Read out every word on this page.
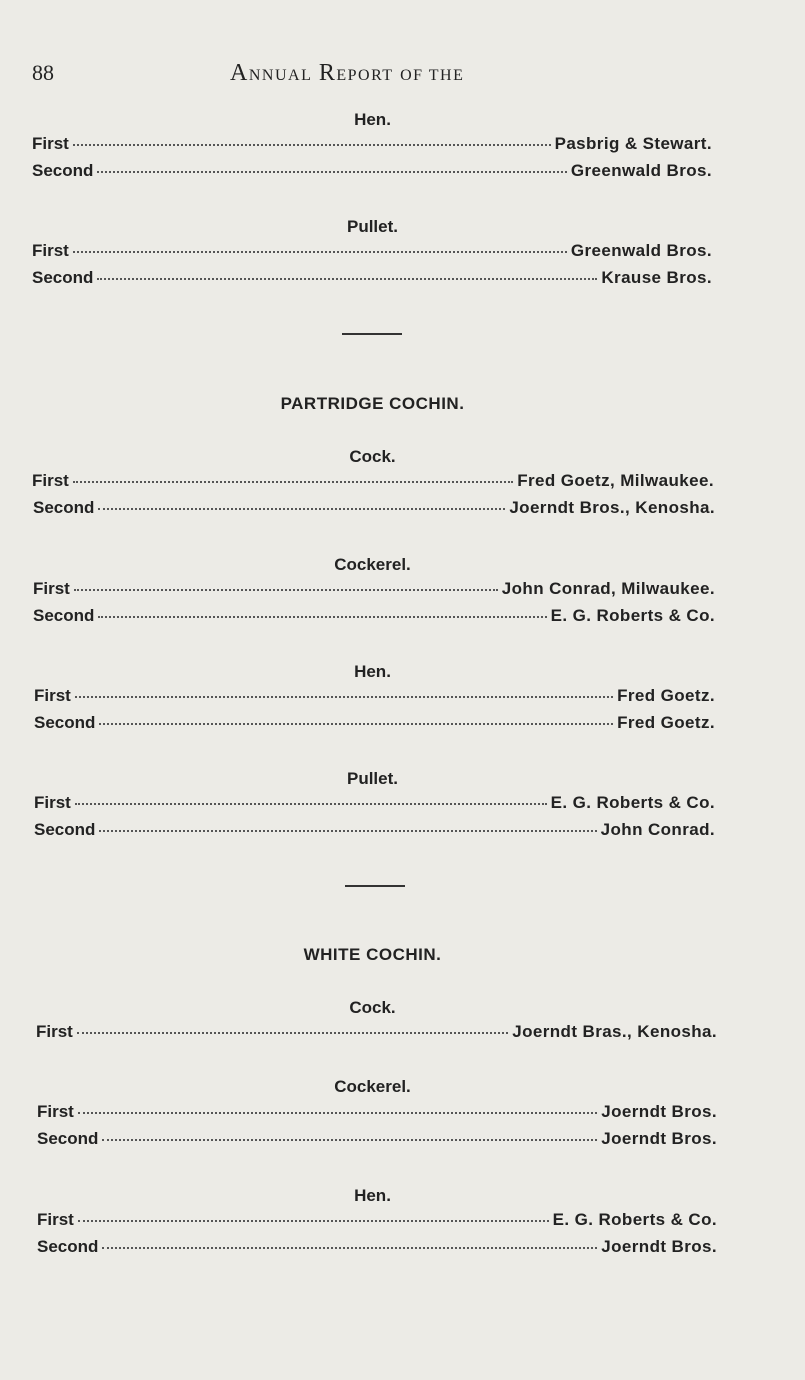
88	ANNUAL REPORT OF THE
Hen.
First	Pasbrig & Stewart.
Second	Greenwald Bros.
Pullet.
First	Greenwald Bros.
Second	Krause Bros.
PARTRIDGE COCHIN.
Cock.
First	Fred Goetz, Milwaukee.
Second	Joerndt Bros., Kenosha.
Cockerel.
First	John Conrad, Milwaukee.
Second	E. G. Roberts & Co.
Hen.
First	Fred Goetz.
Second	Fred Goetz.
Pullet.
First	E. G. Roberts & Co.
Second	John Conrad.
WHITE COCHIN.
Cock.
First	Joerndt Bras., Kenosha.
Cockerel.
First	Joerndt Bros.
Second	Joerndt Bros.
Hen.
First	E. G. Roberts & Co.
Second	Joerndt Bros.
